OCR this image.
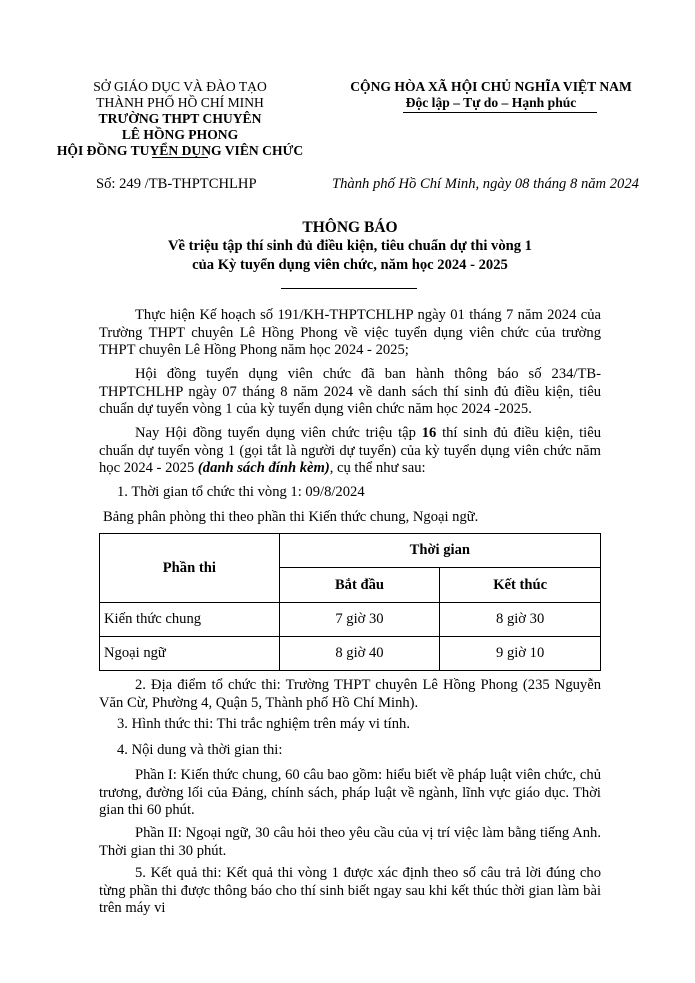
SỞ GIÁO DỤC VÀ ĐÀO TẠO
THÀNH PHỐ HỒ CHÍ MINH
TRƯỜNG THPT CHUYÊN
LÊ HỒNG PHONG
HỘI ĐỒNG TUYỂN DỤNG VIÊN CHỨC
CỘNG HÒA XÃ HỘI CHỦ NGHĨA VIỆT NAM
Độc lập – Tự do – Hạnh phúc
Số: 249 /TB-THPTCHLHP	Thành phố Hồ Chí Minh, ngày 08 tháng 8 năm 2024
THÔNG BÁO
Về triệu tập thí sinh đủ điều kiện, tiêu chuẩn dự thi vòng 1
của Kỳ tuyển dụng viên chức, năm học 2024 - 2025
Thực hiện Kế hoạch số 191/KH-THPTCHLHP ngày 01 tháng 7 năm 2024 của Trường THPT chuyên Lê Hồng Phong về việc tuyển dụng viên chức của trường THPT chuyên Lê Hồng Phong năm học 2024 - 2025;
Hội đồng tuyển dụng viên chức đã ban hành thông báo số 234/TB-THPTCHLHP ngày 07 tháng 8 năm 2024 về danh sách thí sinh đủ điều kiện, tiêu chuẩn dự tuyển vòng 1 của kỳ tuyển dụng viên chức năm học 2024 -2025.
Nay Hội đồng tuyển dụng viên chức triệu tập 16 thí sinh đủ điều kiện, tiêu chuẩn dự tuyển vòng 1 (gọi tắt là người dự tuyển) của kỳ tuyển dụng viên chức năm học 2024 - 2025 (danh sách đính kèm), cụ thể như sau:
1. Thời gian tổ chức thi vòng 1: 09/8/2024
Bảng phân phòng thi theo phần thi Kiến thức chung, Ngoại ngữ.
Phần thi	Thời gian	
	Bắt đầu	Kết thúc
Kiến thức chung	7 giờ 30	8 giờ 30
Ngoại ngữ	8 giờ 40	9 giờ 10
2. Địa điểm tổ chức thi: Trường THPT chuyên Lê Hồng Phong (235 Nguyễn Văn Cừ, Phường 4, Quận 5, Thành phố Hồ Chí Minh).
3. Hình thức thi: Thi trắc nghiệm trên máy vi tính.
4. Nội dung và thời gian thi:
Phần I: Kiến thức chung, 60 câu bao gồm: hiểu biết về pháp luật viên chức, chủ trương, đường lối của Đảng, chính sách, pháp luật về ngành, lĩnh vực giáo dục. Thời gian thi 60 phút.
Phần II: Ngoại ngữ, 30 câu hỏi theo yêu cầu của vị trí việc làm bằng tiếng Anh. Thời gian thi 30 phút.
5. Kết quả thi: Kết quả thi vòng 1 được xác định theo số câu trả lời đúng cho từng phần thi được thông báo cho thí sinh biết ngay sau khi kết thúc thời gian làm bài trên máy vi
